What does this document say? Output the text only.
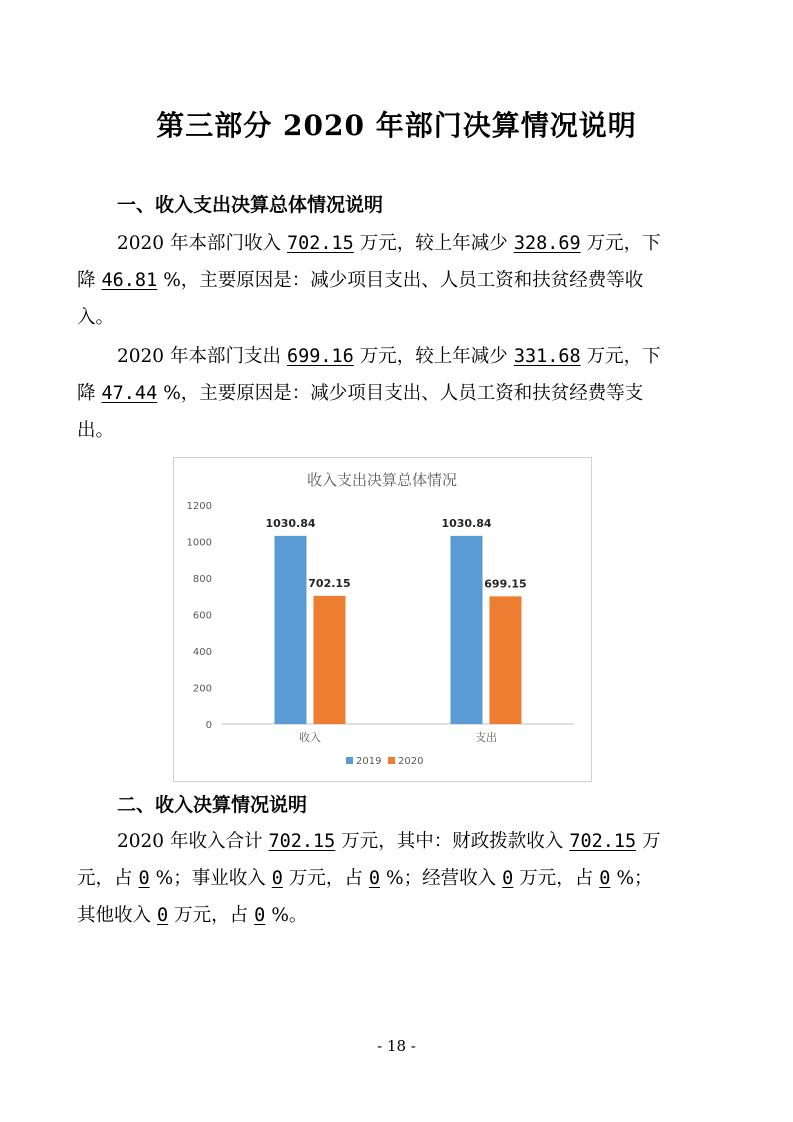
第三部分 2020 年部门决算情况说明
一、收入支出决算总体情况说明
2020 年本部门收入 702.15 万元，较上年减少 328.69 万元，下
降 46.81 %，主要原因是：减少项目支出、人员工资和扶贫经费等收
入。
2020 年本部门支出 699.16 万元，较上年减少 331.68 万元，下
降 47.44 %，主要原因是：减少项目支出、人员工资和扶贫经费等支
出。
收入支出决算总体情况
0
200
400
600
800
1000
1200
1030.84
702.15
收入
1030.84
699.15
支出
2019 2020
二、收入决算情况说明
2020 年收入合计 702.15 万元，其中：财政拨款收入 702.15 万
元，占 0 %；事业收入 0 万元，占 0 %；经营收入 0 万元，占 0 %；
其他收入 0 万元，占 0 %。
- 18 -
